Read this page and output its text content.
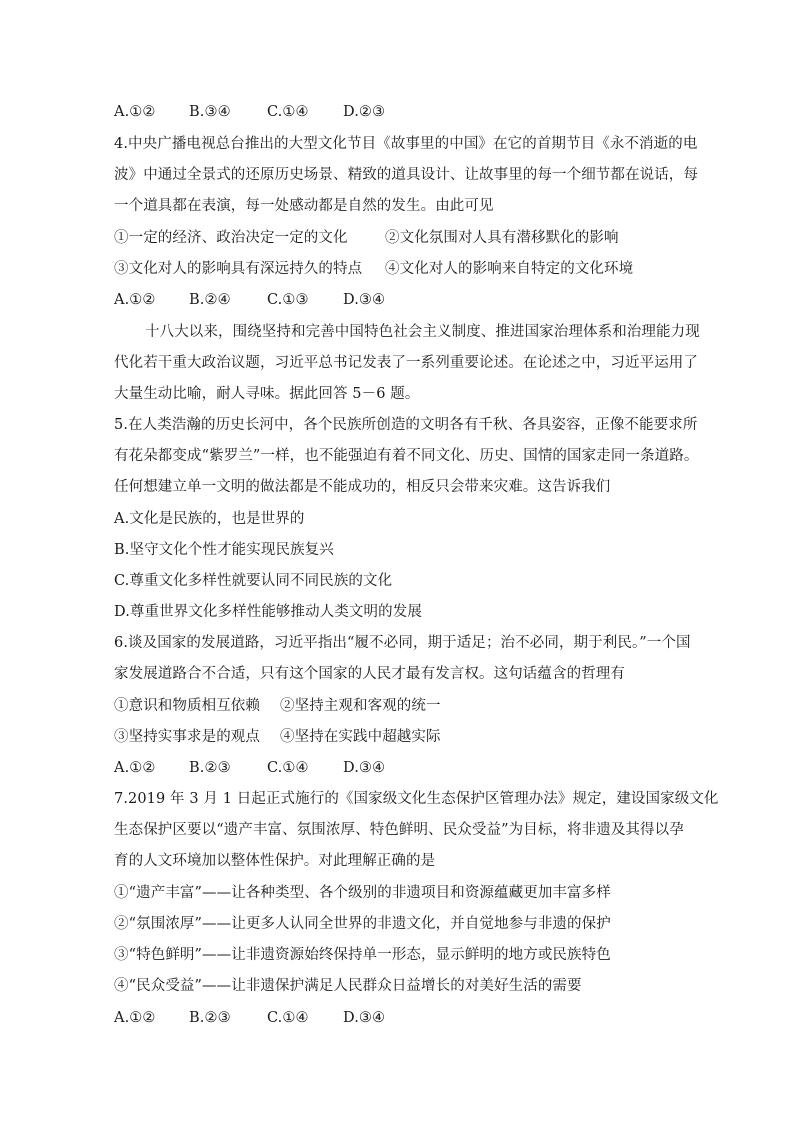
A.①② B.③④	C.①④ D.②③
4.中央广播电视总台推出的大型文化节目《故事里的中国》在它的首期节目《永不消逝的电
波》中通过全景式的还原历史场景、精致的道具设计、让故事里的每一个细节都在说话，每
一个道具都在表演，每一处感动都是自然的发生。由此可见
①一定的经济、政治决定一定的文化	②文化氛围对人具有潜移默化的影响
③文化对人的影响具有深远持久的特点 ④文化对人的影响来自特定的文化环境
A.①② B.②④	C.①③ D.③④
十八大以来，围绕坚持和完善中国特色社会主义制度、推进国家治理体系和治理能力现
代化若干重大政治议题，习近平总书记发表了一系列重要论述。在论述之中，习近平运用了
大量生动比喻，耐人寻味。据此回答 5－6 题。
5.在人类浩瀚的历史长河中，各个民族所创造的文明各有千秋、各具姿容，正像不能要求所
有花朵都变成“紫罗兰”一样，也不能强迫有着不同文化、历史、国情的国家走同一条道路。
任何想建立单一文明的做法都是不能成功的，相反只会带来灾难。这告诉我们
A.文化是民族的，也是世界的
B.坚守文化个性才能实现民族复兴
C.尊重文化多样性就要认同不同民族的文化
D.尊重世界文化多样性能够推动人类文明的发展
6.谈及国家的发展道路，习近平指出“履不必同，期于适足；治不必同，期于利民。”一个国
家发展道路合不合适，只有这个国家的人民才最有发言权。这句话蕴含的哲理有
①意识和物质相互依赖 ②坚持主观和客观的统一
③坚持实事求是的观点 ④坚持在实践中超越实际
A.①② B.②③	C.①④ D.③④
7.2019 年 3 月 1 日起正式施行的《国家级文化生态保护区管理办法》规定，建设国家级文化
生态保护区要以“遗产丰富、氛围浓厚、特色鲜明、民众受益”为目标，将非遗及其得以孕
育的人文环境加以整体性保护。对此理解正确的是
①“遗产丰富”——让各种类型、各个级别的非遗项目和资源蕴藏更加丰富多样
②“氛围浓厚”——让更多人认同全世界的非遗文化，并自觉地参与非遗的保护
③“特色鲜明”——让非遗资源始终保持单一形态，显示鲜明的地方或民族特色
④“民众受益”——让非遗保护满足人民群众日益增长的对美好生活的需要
A.①② B.②③	C.①④ D.③④
